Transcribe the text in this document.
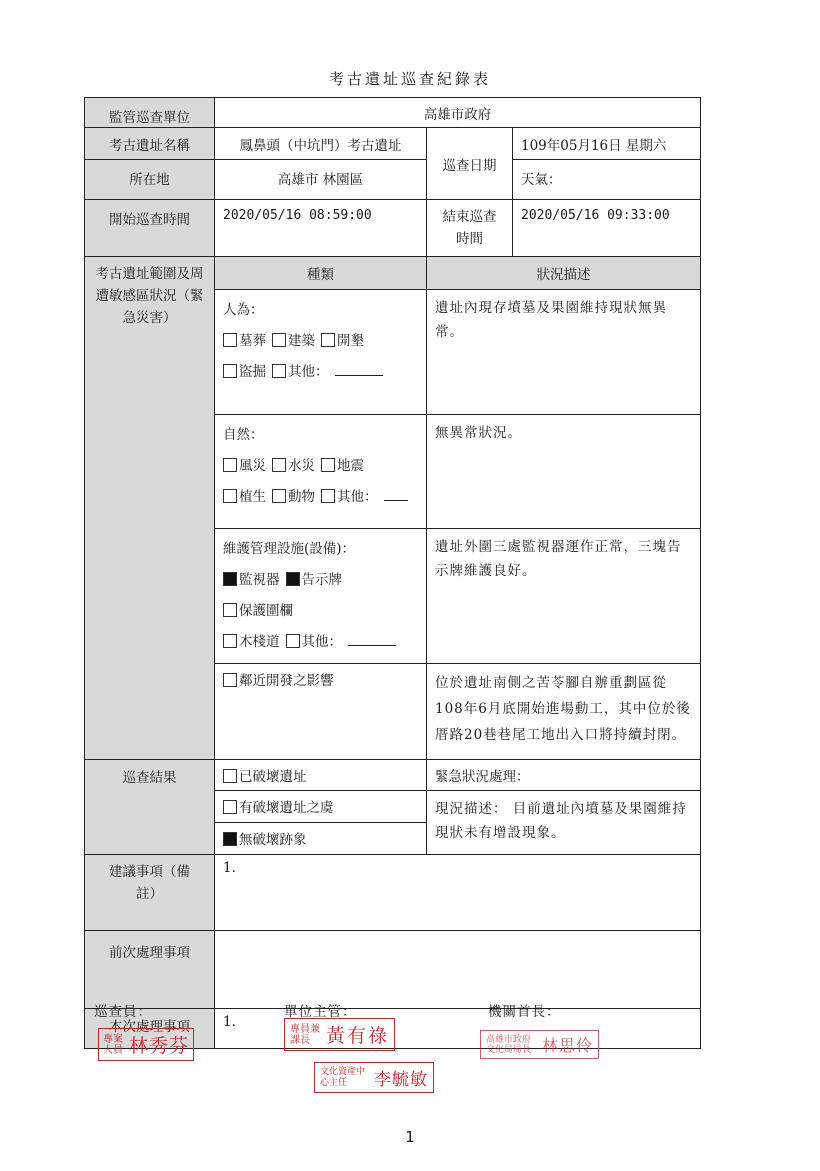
考古遺址巡查紀錄表
監管巡查單位	高雄市政府		
考古遺址名稱	鳳鼻頭（中坑門）考古遺址	巡查日期	109年05月16日 星期六
所在地	高雄市 林園區		天氣：
開始巡查時間	2020/05/16 08:59:00	結束巡查時間	2020/05/16 09:33:00
考古遺址範圍及周遭敏感區狀況（緊急災害）	種類	狀況描述	

	人為：
墓葬 建築 開墾
盜掘 其他：	遺址內現存墳墓及果園維持現狀無異常。	

	自然：
風災 水災 地震
植生 動物 其他：	無異常狀況。	

	維護管理設施(設備)：
監視器 告示牌保護圍欄
木棧道 其他：	遺址外圍三處監視器運作正常，三塊告示牌維護良好。	
	鄰近開發之影響	位於遺址南側之苦苓腳自辦重劃區從108年6月底開始進場動工，其中位於後厝路20巷巷尾工地出入口將持續封閉。	
巡查結果	已破壞遺址	緊急狀況處理：	
	有破壞遺址之虞	現況描述： 目前遺址內墳墓及果園維持現狀未有增設現象。	
	無破壞跡象		
建議事項（備註）	1.		
前次處理事項			
本次處理事項	1.		
巡查員：	單位主管：	機關首長：
專案人員 林秀芬
專員兼課長 黃有祿
文化資產中心主任	李毓敏
高雄市政府文化局局長 林思伶
1
